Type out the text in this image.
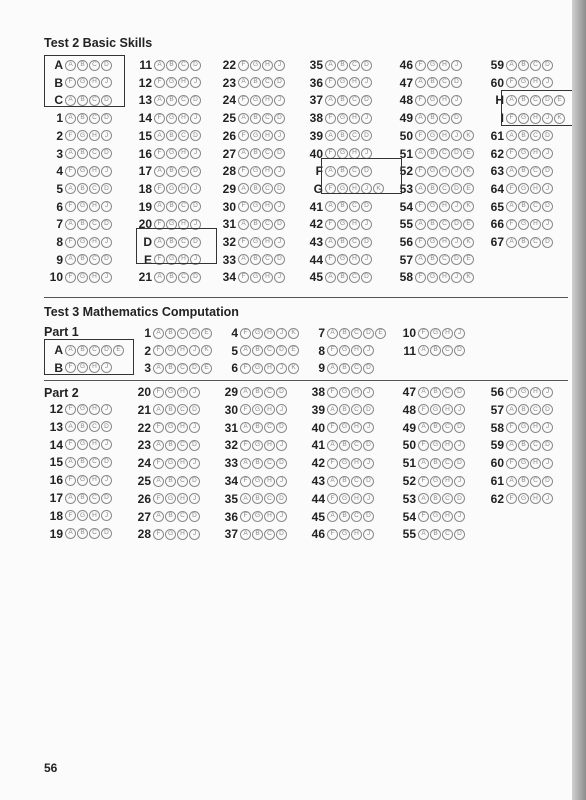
Test 2 Basic Skills
A A	B	C	D
B F	G	H	J
C A	B	C	D
1 A	B	C	D
2 F	G	H	J
3 A	B	C	D
4 F	G	H	J
5 A	B	C	D
6 F	G	H	J
7 A	B	C	D
8 F	G	H	J
9 A	B	C	D
10 F	G	H	J
11 A	B	C	D
12 F	G	H	J
13 A	B	C	D
14 F	G	H	J
15 A	B	C	D
16 F	G	H	J
17 A	B	C	D
18 F	G	H	J
19 A	B	C	D
20 F	G	H	J
D A	B	C	D
E F	G	H	J
21 A	B	C	D
22 F	G	H	J
23 A	B	C	D
24 F	G	H	J
25 A	B	C	D
26 F	G	H	J
27 A	B	C	D
28 F	G	H	J
29 A	B	C	D
30 F	G	H	J
31 A	B	C	D
32 F	G	H	J
33 A	B	C	D
34 F	G	H	J
35 A	B	C	D
36 F	G	H	J
37 A	B	C	D
38 F	G	H	J
39 A	B	C	D
40 F	G	H	J
F A	B	C	D
G F	G	H	J	K
41 A	B	C	D
42 F	G	H	J
43 A	B	C	D
44 F	G	H	J
45 A	B	C	D
46 F	G	H	J
47 A	B	C	D
48 F	G	H	J
49 A	B	C	D
50 F	G	H	J	K
51 A	B	C	D	E
52 F	G	H	J	K
53 A	B	C	D	E
54 F	G	H	J	K
55 A	B	C	D	E
56 F	G	H	J	K
57 A	B	C	D	E
58 F	G	H	J	K
59 A	B	C	D
60 F	G	H	J
H A	B	C	D	E
I F	G	H	J	K
61 A	B	C	D
62 F	G	H	J
63 A	B	C	D
64 F	G	H	J
65 A	B	C	D
66 F	G	H	J
67 A	B	C	D
Test 3 Mathematics Computation
Part 1
A A	B	C	D	E
B F	G	H	J
1 A	B	C	D	E
2 F	G	H	J	K
3 A	B	C	D	E
4 F	G	H	J	K
5 A	B	C	D	E
6 F	G	H	J	K
7 A	B	C	D	E
8 F	G	H	J
9 A	B	C	D
10 F	G	H	J
11 A	B	C	D
Part 2
12 F	G	H	J
13 A	B	C	D
14 F	G	H	J
15 A	B	C	D
16 F	G	H	J
17 A	B	C	D
18 F	G	H	J
19 A	B	C	D
20 F	G	H	J
21 A	B	C	D
22 F	G	H	J
23 A	B	C	D
24 F	G	H	J
25 A	B	C	D
26 F	G	H	J
27 A	B	C	D
28 F	G	H	J
29 A	B	C	D
30 F	G	H	J
31 A	B	C	D
32 F	G	H	J
33 A	B	C	D
34 F	G	H	J
35 A	B	C	D
36 F	G	H	J
37 A	B	C	D
38 F	G	H	J
39 A	B	C	D
40 F	G	H	J
41 A	B	C	D
42 F	G	H	J
43 A	B	C	D
44 F	G	H	J
45 A	B	C	D
46 F	G	H	J
47 A	B	C	D
48 F	G	H	J
49 A	B	C	D
50 F	G	H	J
51 A	B	C	D
52 F	G	H	J
53 A	B	C	D
54 F	G	H	J
55 A	B	C	D
56 F	G	H	J
57 A	B	C	D
58 F	G	H	J
59 A	B	C	D
60 F	G	H	J
61 A	B	C	D
62 F	G	H	J
56
